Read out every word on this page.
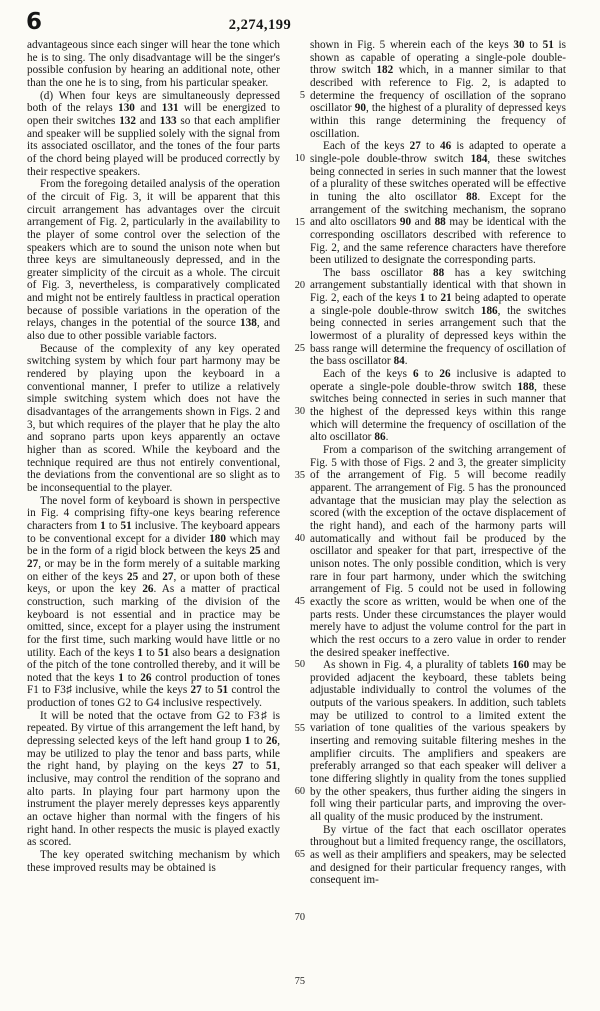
6	2,274,199

advantageous since each singer will hear the tone which he is to sing. The only disadvantage will be the singer's possible confusion by hearing an additional note, other than the one he is to sing, from his particular speaker.

(d) When four keys are simultaneously depressed both of the relays 130 and 131 will be energized to open their switches 132 and 133 so that each amplifier and speaker will be supplied solely with the signal from its associated oscillator, and the tones of the four parts of the chord being played will be produced correctly by their respective speakers.

From the foregoing detailed analysis of the operation of the circuit of Fig. 3, it will be apparent that this circuit arrangement has advantages over the circuit arrangement of Fig. 2, particularly in the availability to the player of some control over the selection of the speakers which are to sound the unison note when but three keys are simultaneously depressed, and in the greater simplicity of the circuit as a whole. The circuit of Fig. 3, nevertheless, is comparatively complicated and might not be entirely faultless in practical operation because of possible variations in the operation of the relays, changes in the potential of the source 138, and also due to other possible variable factors.

Because of the complexity of any key operated switching system by which four part harmony may be rendered by playing upon the keyboard in a conventional manner, I prefer to utilize a relatively simple switching system which does not have the disadvantages of the arrangements shown in Figs. 2 and 3, but which requires of the player that he play the alto and soprano parts upon keys apparently an octave higher than as scored. While the keyboard and the technique required are thus not entirely conventional, the deviations from the conventional are so slight as to be inconsequential to the player.

The novel form of keyboard is shown in perspective in Fig. 4 comprising fifty-one keys bearing reference characters from 1 to 51 inclusive. The keyboard appears to be conventional except for a divider 180 which may be in the form of a rigid block between the keys 25 and 27, or may be in the form merely of a suitable marking on either of the keys 25 and 27, or upon both of these keys, or upon the key 26. As a matter of practical construction, such marking of the division of the keyboard is not essential and in practice may be omitted, since, except for a player using the instrument for the first time, such marking would have little or no utility. Each of the keys 1 to 51 also bears a designation of the pitch of the tone controlled thereby, and it will be noted that the keys 1 to 26 control production of tones F1 to F3♯ inclusive, while the keys 27 to 51 control the production of tones G2 to G4 inclusive respectively.

It will be noted that the octave from G2 to F3♯ is repeated. By virtue of this arrangement the left hand, by depressing selected keys of the left hand group 1 to 26, may be utilized to play the tenor and bass parts, while the right hand, by playing on the keys 27 to 51, inclusive, may control the rendition of the soprano and alto parts. In playing four part harmony upon the instrument the player merely depresses keys apparently an octave higher than normal with the fingers of his right hand. In other respects the music is played exactly as scored.

The key operated switching mechanism by which these improved results may be obtained is

5
10
15
20
25
30
35
40
45
50
55
60
65
70
75

shown in Fig. 5 wherein each of the keys 30 to 51 is shown as capable of operating a single-pole double-throw switch 182 which, in a manner similar to that described with reference to Fig. 2, is adapted to determine the frequency of oscillation of the soprano oscillator 90, the highest of a plurality of depressed keys within this range determining the frequency of oscillation.

Each of the keys 27 to 46 is adapted to operate a single-pole double-throw switch 184, these switches being connected in series in such manner that the lowest of a plurality of these switches operated will be effective in tuning the alto oscillator 88. Except for the arrangement of the switching mechanism, the soprano and alto oscillators 90 and 88 may be identical with the corresponding oscillators described with reference to Fig. 2, and the same reference characters have therefore been utilized to designate the corresponding parts.

The bass oscillator 88 has a key switching arrangement substantially identical with that shown in Fig. 2, each of the keys 1 to 21 being adapted to operate a single-pole double-throw switch 186, the switches being connected in series arrangement such that the lowermost of a plurality of depressed keys within the bass range will determine the frequency of oscillation of the bass oscillator 84.

Each of the keys 6 to 26 inclusive is adapted to operate a single-pole double-throw switch 188, these switches being connected in series in such manner that the highest of the depressed keys within this range which will determine the frequency of oscillation of the alto oscillator 86.

From a comparison of the switching arrangement of Fig. 5 with those of Figs. 2 and 3, the greater simplicity of the arrangement of Fig. 5 will become readily apparent. The arrangement of Fig. 5 has the pronounced advantage that the musician may play the selection as scored (with the exception of the octave displacement of the right hand), and each of the harmony parts will automatically and without fail be produced by the oscillator and speaker for that part, irrespective of the unison notes. The only possible condition, which is very rare in four part harmony, under which the switching arrangement of Fig. 5 could not be used in following exactly the score as written, would be when one of the parts rests. Under these circumstances the player would merely have to adjust the volume control for the part in which the rest occurs to a zero value in order to render the desired speaker ineffective.

As shown in Fig. 4, a plurality of tablets 160 may be provided adjacent the keyboard, these tablets being adjustable individually to control the volumes of the outputs of the various speakers. In addition, such tablets may be utilized to control to a limited extent the variation of tone qualities of the various speakers by inserting and removing suitable filtering meshes in the amplifier circuits. The amplifiers and speakers are preferably arranged so that each speaker will deliver a tone differing slightly in quality from the tones supplied by the other speakers, thus further aiding the singers in foll wing their particular parts, and improving the over-all quality of the music produced by the instrument.

By virtue of the fact that each oscillator operates throughout but a limited frequency range, the oscillators, as well as their amplifiers and speakers, may be selected and designed for their particular frequency ranges, with consequent im-
